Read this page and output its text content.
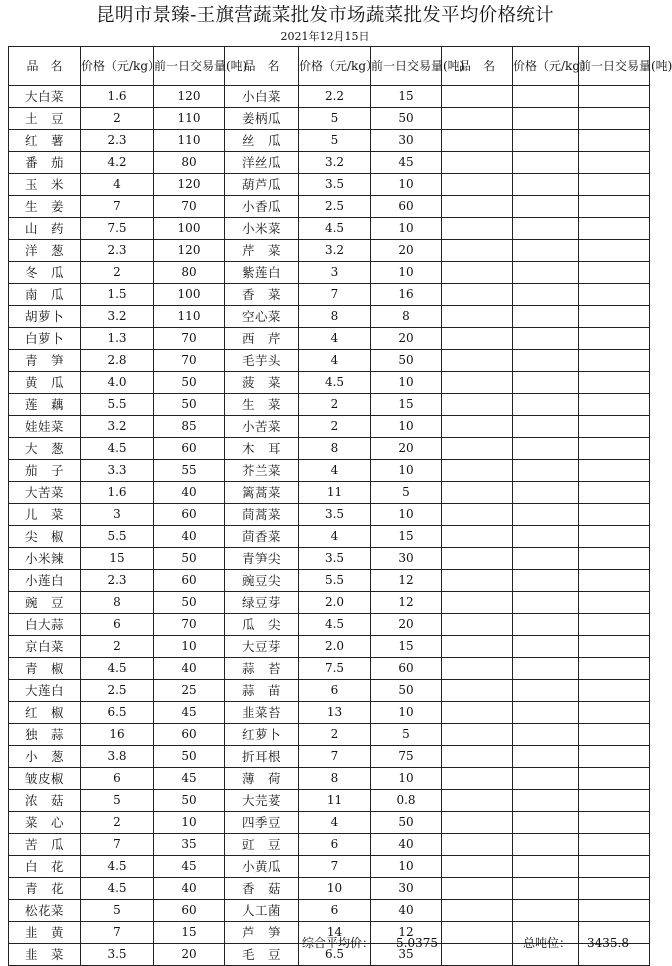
昆明市景臻-王旗营蔬菜批发市场蔬菜批发平均价格统计
2021年12月15日
品　名	价格（元/kg）	前一日交易量(吨)	品　名	价格（元/kg）	前一日交易量(吨)	品　名	价格（元/kg）	前一日交易量(吨)
大白菜	1.6	120	小白菜	2.2	15			
土　豆	2	110	姜柄瓜	5	50			
红　薯	2.3	110	丝　瓜	5	30			
番　茄	4.2	80	洋丝瓜	3.2	45			
玉　米	4	120	葫芦瓜	3.5	10			
生　姜	7	70	小香瓜	2.5	60			
山　药	7.5	100	小米菜	4.5	10			
洋　葱	2.3	120	芹　菜	3.2	20			
冬　瓜	2	80	紫莲白	3	10			
南　瓜	1.5	100	香　菜	7	16			
胡萝卜	3.2	110	空心菜	8	8			
白萝卜	1.3	70	西　芹	4	20			
青　笋	2.8	70	毛芋头	4	50			
黄　瓜	4.0	50	菠　菜	4.5	10			
莲　藕	5.5	50	生　菜	2	15			
娃娃菜	3.2	85	小苦菜	2	10			
大　葱	4.5	60	木　耳	8	20			
茄　子	3.3	55	芥兰菜	4	10			
大苦菜	1.6	40	篱蒿菜	11	5			
儿　菜	3	60	茼蒿菜	3.5	10			
尖　椒	5.5	40	茴香菜	4	15			
小米辣	15	50	青笋尖	3.5	30			
小莲白	2.3	60	豌豆尖	5.5	12			
豌　豆	8	50	绿豆芽	2.0	12			
白大蒜	6	70	瓜　尖	4.5	20			
京白菜	2	10	大豆芽	2.0	15			
青　椒	4.5	40	蒜　苔	7.5	60			
大莲白	2.5	25	蒜　苗	6	50			
红　椒	6.5	45	韭菜苔	13	10			
独　蒜	16	60	红萝卜	2	5			
小　葱	3.8	50	折耳根	7	75			
皱皮椒	6	45	薄　荷	8	10			
浓　菇	5	50	大芫荽	11	0.8			
菜　心	2	10	四季豆	4	50			
苦　瓜	7	35	豇　豆	6	40			
白　花	4.5	45	小黄瓜	7	10			
青　花	4.5	40	香　菇	10	30			
松花菜	5	60	人工菌	6	40			
韭　黄	7	15	芦　笋	14	12			
韭　菜	3.5	20	毛　豆	6.5	35			
综合平均价： 5.0375	总吨位： 3435.8
